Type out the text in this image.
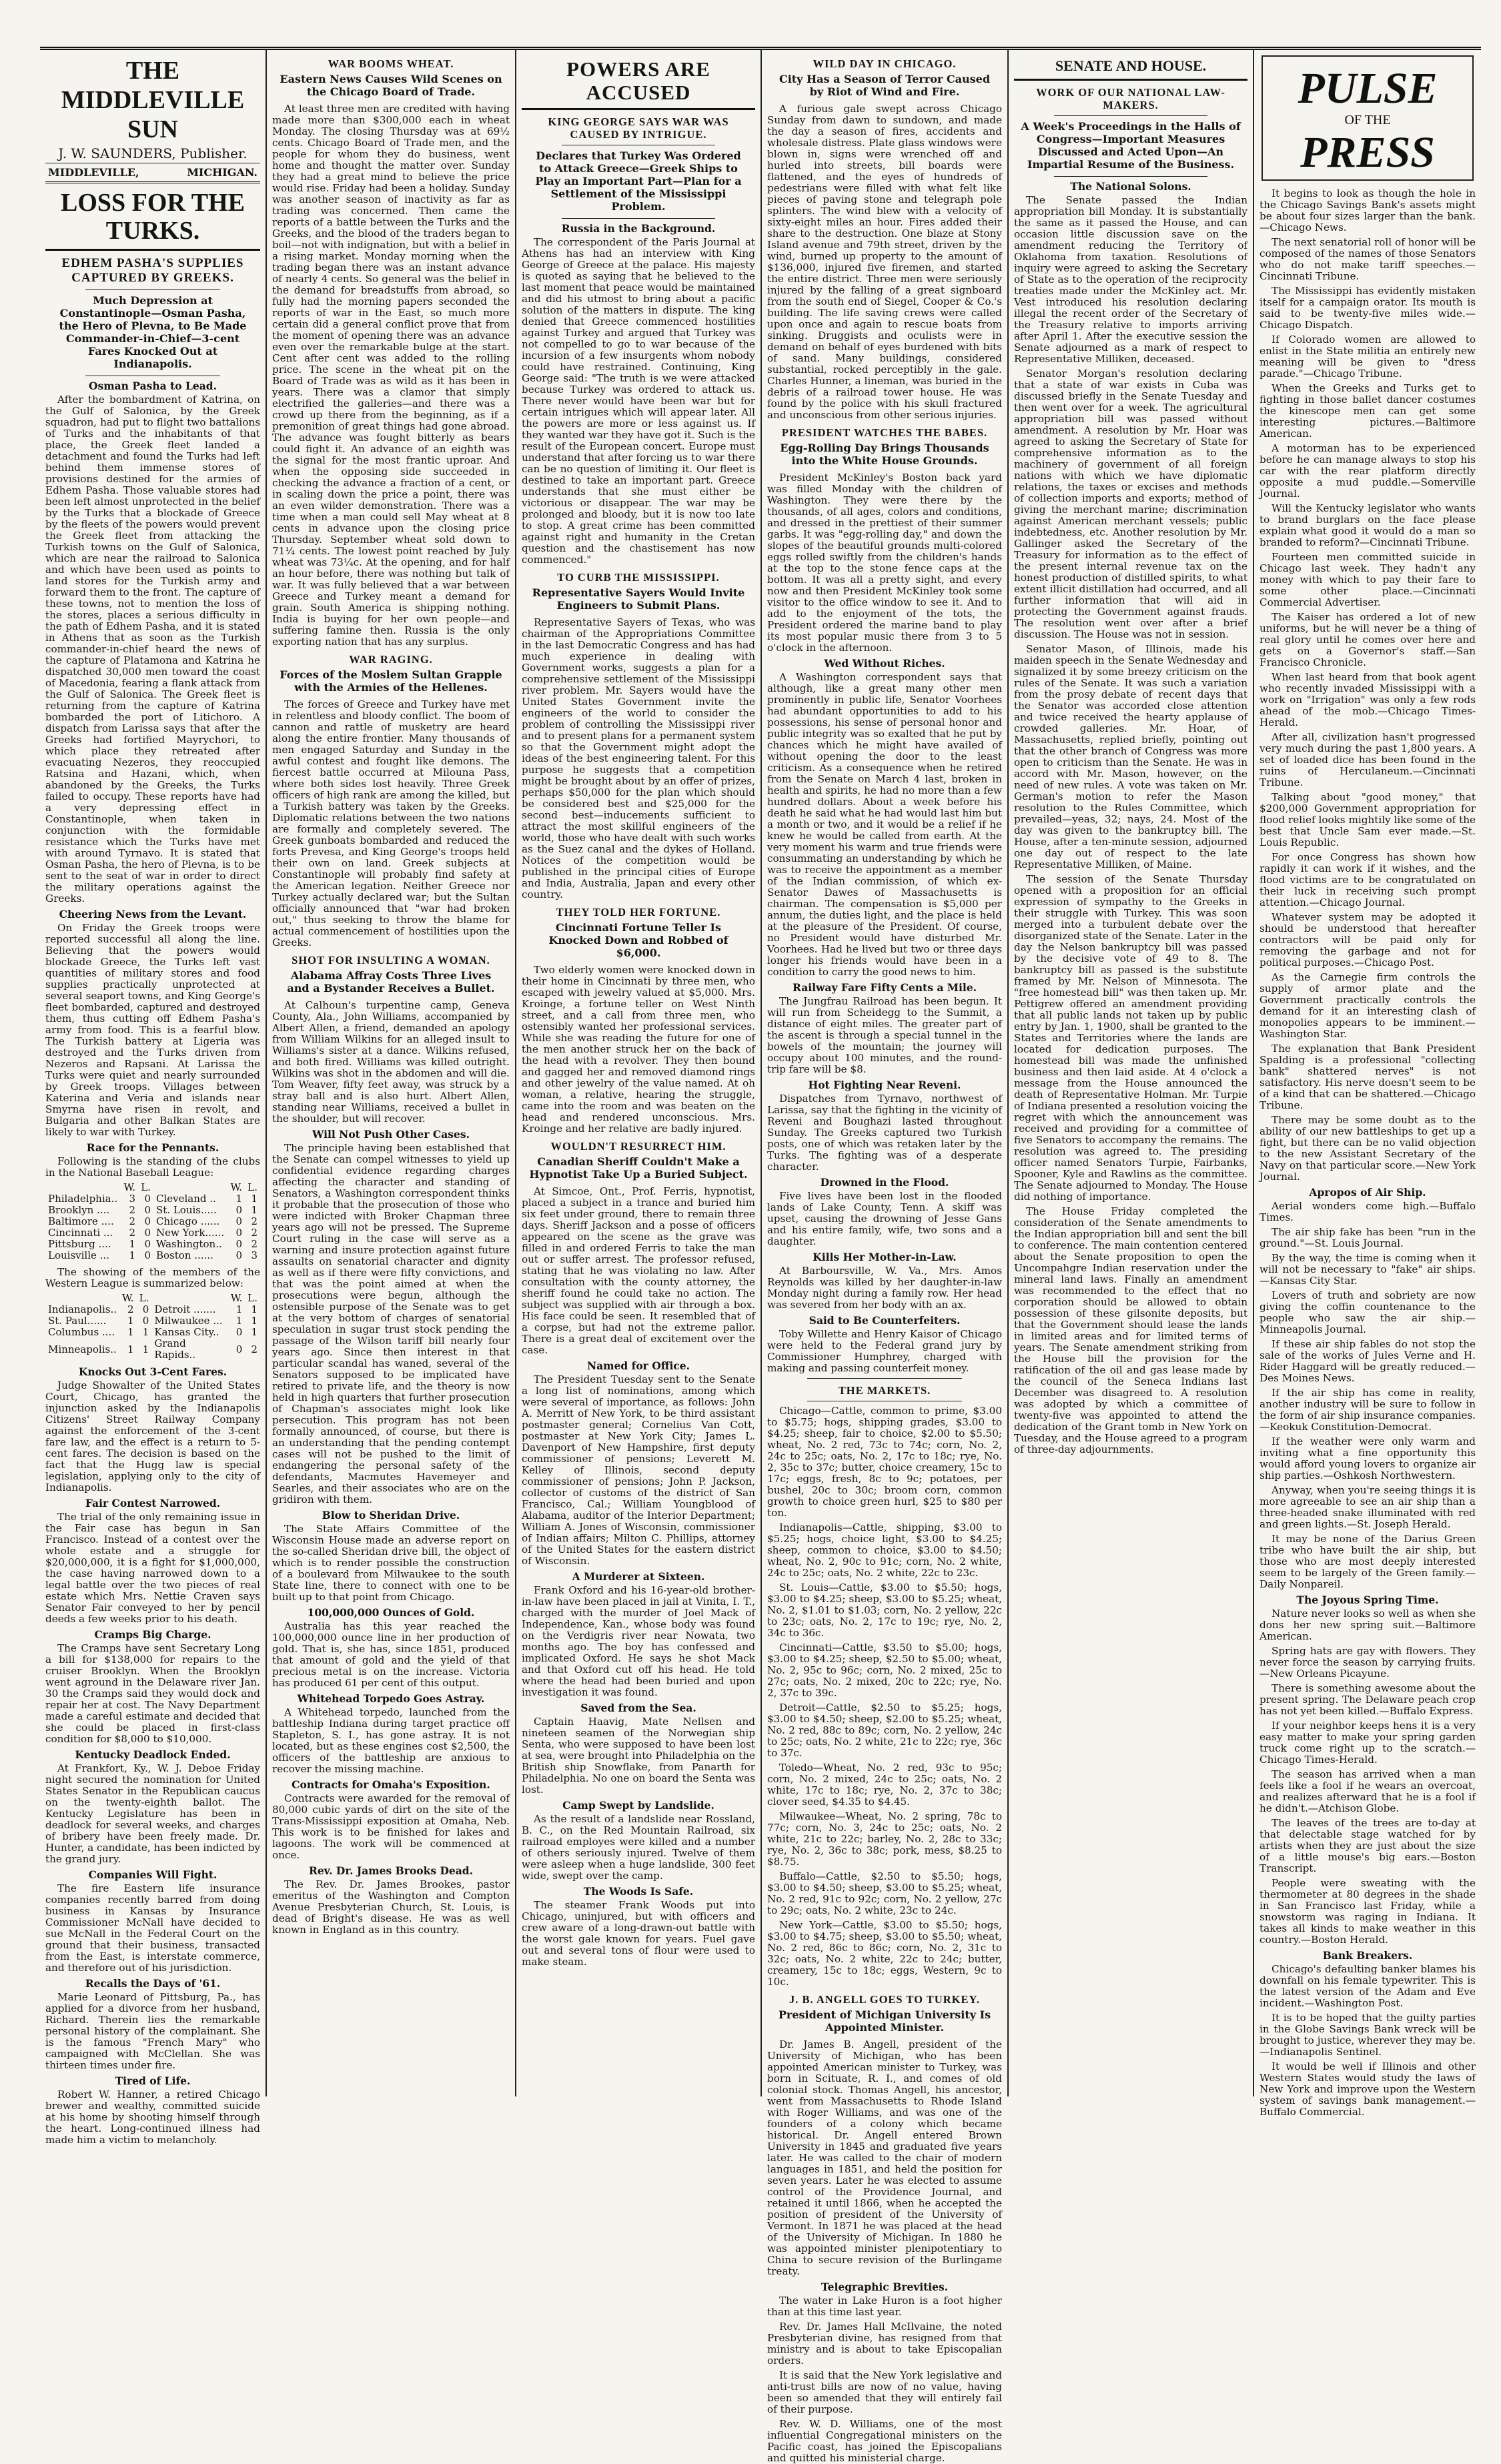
THE MIDDLEVILLE SUN
J. W. SAUNDERS, Publisher.
MIDDLEVILLE,	MICHIGAN.
LOSS FOR THE TURKS.
EDHEM PASHA'S SUPPLIES CAPTURED BY GREEKS.
Much Depression at Constantinople—Osman Pasha, the Hero of Plevna, to Be Made Commander-in-Chief—3-cent Fares Knocked Out at Indianapolis.
Osman Pasha to Lead.

After the bombardment of Katrina, on the Gulf of Salonica, by the Greek squadron, had put to flight two battalions of Turks and the inhabitants of that place, the Greek fleet landed a detachment and found the Turks had left behind them immense stores of provisions destined for the armies of Edhem Pasha. Those valuable stores had been left almost unprotected in the belief by the Turks that a blockade of Greece by the fleets of the powers would prevent the Greek fleet from attacking the Turkish towns on the Gulf of Salonica, which are near the railroad to Salonica and which have been used as points to land stores for the Turkish army and forward them to the front. The capture of these towns, not to mention the loss of the stores, places a serious difficulty in the path of Edhem Pasha, and it is stated in Athens that as soon as the Turkish commander-in-chief heard the news of the capture of Platamona and Katrina he dispatched 30,000 men toward the coast of Macedonia, fearing a flank attack from the Gulf of Salonica. The Greek fleet is returning from the capture of Katrina bombarded the port of Litichoro. A dispatch from Larissa says that after the Greeks had fortified Mayrychori, to which place they retreated after evacuating Nezeros, they reoccupied Ratsina and Hazani, which, when abandoned by the Greeks, the Turks failed to occupy. These reports have had a very depressing effect in Constantinople, when taken in conjunction with the formidable resistance which the Turks have met with around Tyrnavo. It is stated that Osman Pasha, the hero of Plevna, is to be sent to the seat of war in order to direct the military operations against the Greeks.

Cheering News from the Levant.

On Friday the Greek troops were reported successful all along the line. Believing that the powers would blockade Greece, the Turks left vast quantities of military stores and food supplies practically unprotected at several seaport towns, and King George's fleet bombarded, captured and destroyed them, thus cutting off Edhem Pasha's army from food. This is a fearful blow. The Turkish battery at Ligeria was destroyed and the Turks driven from Nezeros and Rapsani. At Larissa the Turks were quiet and nearly surrounded by Greek troops. Villages between Katerina and Veria and islands near Smyrna have risen in revolt, and Bulgaria and other Balkan States are likely to war with Turkey.

Race for the Pennants.

Following is the standing of the clubs in the National Baseball League:

	W.	L.		W.	L.
Philadelphia..	3	0	Cleveland ..	1	1
Brooklyn ....	2	0	St. Louis.....	0	1
Baltimore ....	2	0	Chicago ......	0	2
Cincinnati ...	2	0	New York......	0	2
Pittsburg ....	1	0	Washington..	0	2
Louisville ...	1	0	Boston ......	0	3

The showing of the members of the Western League is summarized below:

	W.	L.		W.	L.
Indianapolis..	2	0	Detroit .......	1	1
St. Paul......	1	0	Milwaukee ...	1	1
Columbus ....	1	1	Kansas City..	0	1
Minneapolis..	1	1	Grand Rapids..	0	2
Knocks Out 3-Cent Fares.

Judge Showalter of the United States Court, Chicago, has granted the injunction asked by the Indianapolis Citizens' Street Railway Company against the enforcement of the 3-cent fare law, and the effect is a return to 5-cent fares. The decision is based on the fact that the Hugg law is special legislation, applying only to the city of Indianapolis.

Fair Contest Narrowed.

The trial of the only remaining issue in the Fair case has begun in San Francisco. Instead of a contest over the whole estate and a struggle for $20,000,000, it is a fight for $1,000,000, the case having narrowed down to a legal battle over the two pieces of real estate which Mrs. Nettie Craven says Senator Fair conveyed to her by pencil deeds a few weeks prior to his death.

Cramps Big Charge.

The Cramps have sent Secretary Long a bill for $138,000 for repairs to the cruiser Brooklyn. When the Brooklyn went aground in the Delaware river Jan. 30 the Cramps said they would dock and repair her at cost. The Navy Department made a careful estimate and decided that she could be placed in first-class condition for $8,000 to $10,000.

Kentucky Deadlock Ended.

At Frankfort, Ky., W. J. Deboe Friday night secured the nomination for United States Senator in the Republican caucus on the twenty-eighth ballot. The Kentucky Legislature has been in deadlock for several weeks, and charges of bribery have been freely made. Dr. Hunter, a candidate, has been indicted by the grand jury.

Companies Will Fight.

The fire Eastern life insurance companies recently barred from doing business in Kansas by Insurance Commissioner McNall have decided to sue McNall in the Federal Court on the ground that their business, transacted from the East, is interstate commerce, and therefore out of his jurisdiction.

Recalls the Days of '61.

Marie Leonard of Pittsburg, Pa., has applied for a divorce from her husband, Richard. Therein lies the remarkable personal history of the complainant. She is the famous "French Mary" who campaigned with McClellan. She was thirteen times under fire.

Tired of Life.

Robert W. Hanner, a retired Chicago brewer and wealthy, committed suicide at his home by shooting himself through the heart. Long-continued illness had made him a victim to melancholy.

WAR BOOMS WHEAT.
Eastern News Causes Wild Scenes on the Chicago Board of Trade.

At least three men are credited with having made more than $300,000 each in wheat Monday. The closing Thursday was at 69½ cents. Chicago Board of Trade men, and the people for whom they do business, went home and thought the matter over. Sunday they had a great mind to believe the price would rise. Friday had been a holiday. Sunday was another season of inactivity as far as trading was concerned. Then came the reports of a battle between the Turks and the Greeks, and the blood of the traders began to boil—not with indignation, but with a belief in a rising market. Monday morning when the trading began there was an instant advance of nearly 4 cents. So general was the belief in the demand for breadstuffs from abroad, so fully had the morning papers seconded the reports of war in the East, so much more certain did a general conflict prove that from the moment of opening there was an advance even over the remarkable bulge at the start. Cent after cent was added to the rolling price. The scene in the wheat pit on the Board of Trade was as wild as it has been in years. There was a clamor that simply electrified the galleries—and there was a crowd up there from the beginning, as if a premonition of great things had gone abroad. The advance was fought bitterly as bears could fight it. An advance of an eighth was the signal for the most frantic uproar. And when the opposing side succeeded in checking the advance a fraction of a cent, or in scaling down the price a point, there was an even wilder demonstration. There was a time when a man could sell May wheat at 8 cents in advance upon the closing price Thursday. September wheat sold down to 71¼ cents. The lowest point reached by July wheat was 73¼c. At the opening, and for half an hour before, there was nothing but talk of war. It was fully believed that a war between Greece and Turkey meant a demand for grain. South America is shipping nothing. India is buying for her own people—and suffering famine then. Russia is the only exporting nation that has any surplus.

WAR RAGING.
Forces of the Moslem Sultan Grapple with the Armies of the Hellenes.

The forces of Greece and Turkey have met in relentless and bloody conflict. The boom of cannon and rattle of musketry are heard along the entire frontier. Many thousands of men engaged Saturday and Sunday in the awful contest and fought like demons. The fiercest battle occurred at Milouna Pass, where both sides lost heavily. Three Greek officers of high rank are among the killed, but a Turkish battery was taken by the Greeks. Diplomatic relations between the two nations are formally and completely severed. The Greek gunboats bombarded and reduced the forts Prevesa, and King George's troops held their own on land. Greek subjects at Constantinople will probably find safety at the American legation. Neither Greece nor Turkey actually declared war; but the Sultan officially announced that "war had broken out," thus seeking to throw the blame for actual commencement of hostilities upon the Greeks.

SHOT FOR INSULTING A WOMAN.
Alabama Affray Costs Three Lives and a Bystander Receives a Bullet.

At Calhoun's turpentine camp, Geneva County, Ala., John Williams, accompanied by Albert Allen, a friend, demanded an apology from William Wilkins for an alleged insult to Williams's sister at a dance. Wilkins refused, and both fired. Williams was killed outright. Wilkins was shot in the abdomen and will die. Tom Weaver, fifty feet away, was struck by a stray ball and is also hurt. Albert Allen, standing near Williams, received a bullet in the shoulder, but will recover.

Will Not Push Other Cases.

The principle having been established that the Senate can compel witnesses to yield up confidential evidence regarding charges affecting the character and standing of Senators, a Washington correspondent thinks it probable that the prosecution of those who were indicted with Broker Chapman three years ago will not be pressed. The Supreme Court ruling in the case will serve as a warning and insure protection against future assaults on senatorial character and dignity as well as if there were fifty convictions, and that was the point aimed at when the prosecutions were begun, although the ostensible purpose of the Senate was to get at the very bottom of charges of senatorial speculation in sugar trust stock pending the passage of the Wilson tariff bill nearly four years ago. Since then interest in that particular scandal has waned, several of the Senators supposed to be implicated have retired to private life, and the theory is now held in high quarters that further prosecution of Chapman's associates might look like persecution. This program has not been formally announced, of course, but there is an understanding that the pending contempt cases will not be pushed to the limit of endangering the personal safety of the defendants, Macmutes Havemeyer and Searles, and their associates who are on the gridiron with them.

Blow to Sheridan Drive.

The State Affairs Committee of the Wisconsin House made an adverse report on the so-called Sheridan drive bill, the object of which is to render possible the construction of a boulevard from Milwaukee to the south State line, there to connect with one to be built up to that point from Chicago.

100,000,000 Ounces of Gold.

Australia has this year reached the 100,000,000 ounce line in her production of gold. That is, she has, since 1851, produced that amount of gold and the yield of that precious metal is on the increase. Victoria has produced 61 per cent of this output.

Whitehead Torpedo Goes Astray.

A Whitehead torpedo, launched from the battleship Indiana during target practice off Stapleton, S. I., has gone astray. It is not located, but as these engines cost $2,500, the officers of the battleship are anxious to recover the missing machine.

Contracts for Omaha's Exposition.

Contracts were awarded for the removal of 80,000 cubic yards of dirt on the site of the Trans-Mississippi exposition at Omaha, Neb. This work is to be finished for lakes and lagoons. The work will be commenced at once.

Rev. Dr. James Brooks Dead.

The Rev. Dr. James Brookes, pastor emeritus of the Washington and Compton Avenue Presbyterian Church, St. Louis, is dead of Bright's disease. He was as well known in England as in this country.

POWERS ARE ACCUSED
KING GEORGE SAYS WAR WAS CAUSED BY INTRIGUE.
Declares that Turkey Was Ordered to Attack Greece—Greek Ships to Play an Important Part—Plan for a Settlement of the Mississippi Problem.
Russia in the Background.

The correspondent of the Paris Journal at Athens has had an interview with King George of Greece at the palace. His majesty is quoted as saying that he believed to the last moment that peace would be maintained and did his utmost to bring about a pacific solution of the matters in dispute. The king denied that Greece commenced hostilities against Turkey and argued that Turkey was not compelled to go to war because of the incursion of a few insurgents whom nobody could have restrained. Continuing, King George said: "The truth is we were attacked because Turkey was ordered to attack us. There never would have been war but for certain intrigues which will appear later. All the powers are more or less against us. If they wanted war they have got it. Such is the result of the European concert. Europe must understand that after forcing us to war there can be no question of limiting it. Our fleet is destined to take an important part. Greece understands that she must either be victorious or disappear. The war may be prolonged and bloody, but it is now too late to stop. A great crime has been committed against right and humanity in the Cretan question and the chastisement has now commenced."

TO CURB THE MISSISSIPPI.
Representative Sayers Would Invite Engineers to Submit Plans.

Representative Sayers of Texas, who was chairman of the Appropriations Committee in the last Democratic Congress and has had much experience in dealing with Government works, suggests a plan for a comprehensive settlement of the Mississippi river problem. Mr. Sayers would have the United States Government invite the engineers of the world to consider the problem of controlling the Mississippi river and to present plans for a permanent system so that the Government might adopt the ideas of the best engineering talent. For this purpose he suggests that a competition might be brought about by an offer of prizes, perhaps $50,000 for the plan which should be considered best and $25,000 for the second best—inducements sufficient to attract the most skillful engineers of the world, those who have dealt with such works as the Suez canal and the dykes of Holland. Notices of the competition would be published in the principal cities of Europe and India, Australia, Japan and every other country.

THEY TOLD HER FORTUNE.
Cincinnati Fortune Teller Is Knocked Down and Robbed of $6,000.

Two elderly women were knocked down in their home in Cincinnati by three men, who escaped with jewelry valued at $5,000. Mrs. Kroinge, a fortune teller on West Ninth street, and a call from three men, who ostensibly wanted her professional services. While she was reading the future for one of the men another struck her on the back of the head with a revolver. They then bound and gagged her and removed diamond rings and other jewelry of the value named. At oh woman, a relative, hearing the struggle, came into the room and was beaten on the head and rendered unconscious. Mrs. Kroinge and her relative are badly injured.

WOULDN'T RESURRECT HIM.
Canadian Sheriff Couldn't Make a Hypnotist Take Up a Buried Subject.

At Simcoe, Ont., Prof. Ferris, hypnotist, placed a subject in a trance and buried him six feet under ground, there to remain three days. Sheriff Jackson and a posse of officers appeared on the scene as the grave was filled in and ordered Ferris to take the man out or suffer arrest. The professor refused, stating that he was violating no law. After consultation with the county attorney, the sheriff found he could take no action. The subject was supplied with air through a box. His face could be seen. It resembled that of a corpse, but had not the extreme pallor. There is a great deal of excitement over the case.

Named for Office.

The President Tuesday sent to the Senate a long list of nominations, among which were several of importance, as follows: John A. Merritt of New York, to be third assistant postmaster general; Cornelius Van Cott, postmaster at New York City; James L. Davenport of New Hampshire, first deputy commissioner of pensions; Leverett M. Kelley of Illinois, second deputy commissioner of pensions; John P. Jackson, collector of customs of the district of San Francisco, Cal.; William Youngblood of Alabama, auditor of the Interior Department; William A. Jones of Wisconsin, commissioner of Indian affairs; Milton C. Phillips, attorney of the United States for the eastern district of Wisconsin.

A Murderer at Sixteen.

Frank Oxford and his 16-year-old brother-in-law have been placed in jail at Vinita, I. T., charged with the murder of Joel Mack of Independence, Kan., whose body was found on the Verdigris river near Nowata, two months ago. The boy has confessed and implicated Oxford. He says he shot Mack and that Oxford cut off his head. He told where the head had been buried and upon investigation it was found.

Saved from the Sea.

Captain Haavig, Mate Nellsen and nineteen seamen of the Norwegian ship Senta, who were supposed to have been lost at sea, were brought into Philadelphia on the British ship Snowflake, from Panarth for Philadelphia. No one on board the Senta was lost.

Camp Swept by Landslide.

As the result of a landslide near Rossland, B. C., on the Red Mountain Railroad, six railroad employes were killed and a number of others seriously injured. Twelve of them were asleep when a huge landslide, 300 feet wide, swept over the camp.

The Woods Is Safe.

The steamer Frank Woods put into Chicago, uninjured, but with officers and crew aware of a long-drawn-out battle with the worst gale known for years. Fuel gave out and several tons of flour were used to make steam.

WILD DAY IN CHICAGO.
City Has a Season of Terror Caused by Riot of Wind and Fire.

A furious gale swept across Chicago Sunday from dawn to sundown, and made the day a season of fires, accidents and wholesale distress. Plate glass windows were blown in, signs were wrenched off and hurled into streets, bill boards were flattened, and the eyes of hundreds of pedestrians were filled with what felt like pieces of paving stone and telegraph pole splinters. The wind blew with a velocity of sixty-eight miles an hour. Fires added their share to the destruction. One blaze at Stony Island avenue and 79th street, driven by the wind, burned up property to the amount of $136,000, injured five firemen, and started the entire district. Three men were seriously injured by the falling of a great signboard from the south end of Siegel, Cooper & Co.'s building. The life saving crews were called upon once and again to rescue boats from sinking. Druggists and oculists were in demand on behalf of eyes burdened with bits of sand. Many buildings, considered substantial, rocked perceptibly in the gale. Charles Hunner, a lineman, was buried in the debris of a railroad tower house. He was found by the police with his skull fractured and unconscious from other serious injuries.

PRESIDENT WATCHES THE BABES.
Egg-Rolling Day Brings Thousands into the White House Grounds.

President McKinley's Boston back yard was filled Monday with the children of Washington. They were there by the thousands, of all ages, colors and conditions, and dressed in the prettiest of their summer garbs. It was "egg-rolling day," and down the slopes of the beautiful grounds multi-colored eggs rolled swiftly from the children's hands at the top to the stone fence caps at the bottom. It was all a pretty sight, and every now and then President McKinley took some visitor to the office window to see it. And to add to the enjoyment of the tots, the President ordered the marine band to play its most popular music there from 3 to 5 o'clock in the afternoon.

Wed Without Riches.

A Washington correspondent says that although, like a great many other men prominently in public life, Senator Voorhees had abundant opportunities to add to his possessions, his sense of personal honor and public integrity was so exalted that he put by chances which he might have availed of without opening the door to the least criticism. As a consequence when he retired from the Senate on March 4 last, broken in health and spirits, he had no more than a few hundred dollars. About a week before his death he said what he had would last him but a month or two, and it would be a relief if he knew he would be called from earth. At the very moment his warm and true friends were consummating an understanding by which he was to receive the appointment as a member of the Indian commission, of which ex-Senator Dawes of Massachusetts is chairman. The compensation is $5,000 per annum, the duties light, and the place is held at the pleasure of the President. Of course, no President would have disturbed Mr. Voorhees. Had he lived but two or three days longer his friends would have been in a condition to carry the good news to him.

Railway Fare Fifty Cents a Mile.

The Jungfrau Railroad has been begun. It will run from Scheidegg to the Summit, a distance of eight miles. The greater part of the ascent is through a special tunnel in the bowels of the mountain; the journey will occupy about 100 minutes, and the round-trip fare will be $8.

Hot Fighting Near Reveni.

Dispatches from Tyrnavo, northwest of Larissa, say that the fighting in the vicinity of Reveni and Boughazi lasted throughout Sunday. The Greeks captured two Turkish posts, one of which was retaken later by the Turks. The fighting was of a desperate character.

Drowned in the Flood.

Five lives have been lost in the flooded lands of Lake County, Tenn. A skiff was upset, causing the drowning of Jesse Gans and his entire family, wife, two sons and a daughter.

Kills Her Mother-in-Law.

At Barboursville, W. Va., Mrs. Amos Reynolds was killed by her daughter-in-law Monday night during a family row. Her head was severed from her body with an ax.

Said to Be Counterfeiters.

Toby Willette and Henry Kaisor of Chicago were held to the Federal grand jury by Commissioner Humphrey, charged with making and passing counterfeit money.

THE MARKETS.

Chicago—Cattle, common to prime, $3.00 to $5.75; hogs, shipping grades, $3.00 to $4.25; sheep, fair to choice, $2.00 to $5.50; wheat, No. 2 red, 73c to 74c; corn, No. 2, 24c to 25c; oats, No. 2, 17c to 18c; rye, No. 2, 35c to 37c; butter, choice creamery, 15c to 17c; eggs, fresh, 8c to 9c; potatoes, per bushel, 20c to 30c; broom corn, common growth to choice green hurl, $25 to $80 per ton.

Indianapolis—Cattle, shipping, $3.00 to $5.25; hogs, choice light, $3.00 to $4.25; sheep, common to choice, $3.00 to $4.50; wheat, No. 2, 90c to 91c; corn, No. 2 white, 24c to 25c; oats, No. 2 white, 22c to 23c.

St. Louis—Cattle, $3.00 to $5.50; hogs, $3.00 to $4.25; sheep, $3.00 to $5.25; wheat, No. 2, $1.01 to $1.03; corn, No. 2 yellow, 22c to 23c; oats, No. 2, 17c to 19c; rye, No. 2, 34c to 36c.

Cincinnati—Cattle, $3.50 to $5.00; hogs, $3.00 to $4.25; sheep, $2.50 to $5.00; wheat, No. 2, 95c to 96c; corn, No. 2 mixed, 25c to 27c; oats, No. 2 mixed, 20c to 22c; rye, No. 2, 37c to 39c.

Detroit—Cattle, $2.50 to $5.25; hogs, $3.00 to $4.50; sheep, $2.00 to $5.25; wheat, No. 2 red, 88c to 89c; corn, No. 2 yellow, 24c to 25c; oats, No. 2 white, 21c to 22c; rye, 36c to 37c.

Toledo—Wheat, No. 2 red, 93c to 95c; corn, No. 2 mixed, 24c to 25c; oats, No. 2 white, 17c to 18c; rye, No. 2, 37c to 38c; clover seed, $4.35 to $4.45.

Milwaukee—Wheat, No. 2 spring, 78c to 77c; corn, No. 3, 24c to 25c; oats, No. 2 white, 21c to 22c; barley, No. 2, 28c to 33c; rye, No. 2, 36c to 38c; pork, mess, $8.25 to $8.75.

Buffalo—Cattle, $2.50 to $5.50; hogs, $3.00 to $4.50; sheep, $3.00 to $5.25; wheat, No. 2 red, 91c to 92c; corn, No. 2 yellow, 27c to 29c; oats, No. 2 white, 23c to 24c.

New York—Cattle, $3.00 to $5.50; hogs, $3.00 to $4.75; sheep, $3.00 to $5.50; wheat, No. 2 red, 86c to 86c; corn, No. 2, 31c to 32c; oats, No. 2 white, 22c to 24c; butter, creamery, 15c to 18c; eggs, Western, 9c to 10c.

J. B. ANGELL GOES TO TURKEY.
President of Michigan University Is Appointed Minister.

Dr. James B. Angell, president of the University of Michigan, who has been appointed American minister to Turkey, was born in Scituate, R. I., and comes of old colonial stock. Thomas Angell, his ancestor, went from Massachusetts to Rhode Island with Roger Williams, and was one of the founders of a colony which became historical. Dr. Angell entered Brown University in 1845 and graduated five years later. He was called to the chair of modern languages in 1851, and held the position for seven years. Later he was elected to assume control of the Providence Journal, and retained it until 1866, when he accepted the position of president of the University of Vermont. In 1871 he was placed at the head of the University of Michigan. In 1880 he was appointed minister plenipotentiary to China to secure revision of the Burlingame treaty.

Telegraphic Brevities.

The water in Lake Huron is a foot higher than at this time last year.

Rev. Dr. James Hall McIlvaine, the noted Presbyterian divine, has resigned from that ministry and is about to take Episcopalian orders.

It is said that the New York legislative and anti-trust bills are now of no value, having been so amended that they will entirely fail of their purpose.

Rev. W. D. Williams, one of the most influential Congregational ministers on the Pacific coast, has joined the Episcopalians and quitted his ministerial charge.

SENATE AND HOUSE.
WORK OF OUR NATIONAL LAW-MAKERS.
A Week's Proceedings in the Halls of Congress—Important Measures Discussed and Acted Upon—An Impartial Resume of the Business.
The National Solons.

The Senate passed the Indian appropriation bill Monday. It is substantially the same as it passed the House, and can occasion little discussion save on the amendment reducing the Territory of Oklahoma from taxation. Resolutions of inquiry were agreed to asking the Secretary of State as to the operation of the reciprocity treaties made under the McKinley act. Mr. Vest introduced his resolution declaring illegal the recent order of the Secretary of the Treasury relative to imports arriving after April 1. After the executive session the Senate adjourned as a mark of respect to Representative Milliken, deceased.

Senator Morgan's resolution declaring that a state of war exists in Cuba was discussed briefly in the Senate Tuesday and then went over for a week. The agricultural appropriation bill was passed without amendment. A resolution by Mr. Hoar was agreed to asking the Secretary of State for comprehensive information as to the machinery of government of all foreign nations with which we have diplomatic relations, the taxes or excises and methods of collection imports and exports; method of giving the merchant marine; discrimination against American merchant vessels; public indebtedness, etc. Another resolution by Mr. Gallinger asked the Secretary of the Treasury for information as to the effect of the present internal revenue tax on the honest production of distilled spirits, to what extent illicit distillation had occurred, and all further information that will aid in protecting the Government against frauds. The resolution went over after a brief discussion. The House was not in session.

Senator Mason, of Illinois, made his maiden speech in the Senate Wednesday and signalized it by some breezy criticism on the rules of the Senate. It was such a variation from the prosy debate of recent days that the Senator was accorded close attention and twice received the hearty applause of crowded galleries. Mr. Hoar, of Massachusetts, replied briefly, pointing out that the other branch of Congress was more open to criticism than the Senate. He was in accord with Mr. Mason, however, on the need of new rules. A vote was taken on Mr. German's motion to refer the Mason resolution to the Rules Committee, which prevailed—yeas, 32; nays, 24. Most of the day was given to the bankruptcy bill. The House, after a ten-minute session, adjourned one day out of respect to the late Representative Milliken, of Maine.

The session of the Senate Thursday opened with a proposition for an official expression of sympathy to the Greeks in their struggle with Turkey. This was soon merged into a turbulent debate over the disorganized state of the Senate. Later in the day the Nelson bankruptcy bill was passed by the decisive vote of 49 to 8. The bankruptcy bill as passed is the substitute framed by Mr. Nelson of Minnesota. The "free homestead bill" was then taken up. Mr. Pettigrew offered an amendment providing that all public lands not taken up by public entry by Jan. 1, 1900, shall be granted to the States and Territories where the lands are located for dedication purposes. The homestead bill was made the unfinished business and then laid aside. At 4 o'clock a message from the House announced the death of Representative Holman. Mr. Turpie of Indiana presented a resolution voicing the regret with which the announcement was received and providing for a committee of five Senators to accompany the remains. The resolution was agreed to. The presiding officer named Senators Turpie, Fairbanks, Spooner, Kyle and Rawlins as the committee. The Senate adjourned to Monday. The House did nothing of importance.

The House Friday completed the consideration of the Senate amendments to the Indian appropriation bill and sent the bill to conference. The main contention centered about the Senate proposition to open the Uncompahgre Indian reservation under the mineral land laws. Finally an amendment was recommended to the effect that no corporation should be allowed to obtain possession of these gilsonite deposits, but that the Government should lease the lands in limited areas and for limited terms of years. The Senate amendment striking from the House bill the provision for the ratification of the oil and gas lease made by the council of the Seneca Indians last December was disagreed to. A resolution was adopted by which a committee of twenty-five was appointed to attend the dedication of the Grant tomb in New York on Tuesday, and the House agreed to a program of three-day adjournments.

PULSE
OF THE
PRESS

It begins to look as though the hole in the Chicago Savings Bank's assets might be about four sizes larger than the bank.—Chicago News.

The next senatorial roll of honor will be composed of the names of those Senators who do not make tariff speeches.—Cincinnati Tribune.

The Mississippi has evidently mistaken itself for a campaign orator. Its mouth is said to be twenty-five miles wide.—Chicago Dispatch.

If Colorado women are allowed to enlist in the State militia an entirely new meaning will be given to "dress parade."—Chicago Tribune.

When the Greeks and Turks get to fighting in those ballet dancer costumes the kinescope men can get some interesting pictures.—Baltimore American.

A motorman has to be experienced before he can manage always to stop his car with the rear platform directly opposite a mud puddle.—Somerville Journal.

Will the Kentucky legislator who wants to brand burglars on the face please explain what good it would do a man so branded to reform?—Cincinnati Tribune.

Fourteen men committed suicide in Chicago last week. They hadn't any money with which to pay their fare to some other place.—Cincinnati Commercial Advertiser.

The Kaiser has ordered a lot of new uniforms, but he will never be a thing of real glory until he comes over here and gets on a Governor's staff.—San Francisco Chronicle.

When last heard from that book agent who recently invaded Mississippi with a work on "Irrigation" was only a few rods ahead of the mob.—Chicago Times-Herald.

After all, civilization hasn't progressed very much during the past 1,800 years. A set of loaded dice has been found in the ruins of Herculaneum.—Cincinnati Tribune.

Talking about "good money," that $200,000 Government appropriation for flood relief looks mightily like some of the best that Uncle Sam ever made.—St. Louis Republic.

For once Congress has shown how rapidly it can work if it wishes, and the flood victims are to be congratulated on their luck in receiving such prompt attention.—Chicago Journal.

Whatever system may be adopted it should be understood that hereafter contractors will be paid only for removing the garbage and not for political purposes.—Chicago Post.

As the Carnegie firm controls the supply of armor plate and the Government practically controls the demand for it an interesting clash of monopolies appears to be imminent.—Washington Star.

The explanation that Bank President Spalding is a professional "collecting bank" shattered nerves" is not satisfactory. His nerve doesn't seem to be of a kind that can be shattered.—Chicago Tribune.

There may be some doubt as to the ability of our new battleships to get up a fight, but there can be no valid objection to the new Assistant Secretary of the Navy on that particular score.—New York Journal.

Apropos of Air Ship.

Aerial wonders come high.—Buffalo Times.

The air ship fake has been "run in the ground."—St. Louis Journal.

By the way, the time is coming when it will not be necessary to "fake" air ships.—Kansas City Star.

Lovers of truth and sobriety are now giving the coffin countenance to the people who saw the air ship.—Minneapolis Journal.

If these air ship fables do not stop the sale of the works of Jules Verne and H. Rider Haggard will be greatly reduced.—Des Moines News.

If the air ship has come in reality, another industry will be sure to follow in the form of air ship insurance companies.—Keokuk Constitution-Democrat.

If the weather were only warm and inviting what a fine opportunity this would afford young lovers to organize air ship parties.—Oshkosh Northwestern.

Anyway, when you're seeing things it is more agreeable to see an air ship than a three-headed snake illuminated with red and green lights.—St. Joseph Herald.

It may be none of the Darius Green tribe who have built the air ship, but those who are most deeply interested seem to be largely of the Green family.—Daily Nonpareil.

The Joyous Spring Time.

Nature never looks so well as when she dons her new spring suit.—Baltimore American.

Spring hats are gay with flowers. They never force the season by carrying fruits.—New Orleans Picayune.

There is something awesome about the present spring. The Delaware peach crop has not yet been killed.—Buffalo Express.

If your neighbor keeps hens it is a very easy matter to make your spring garden truck come right up to the scratch.—Chicago Times-Herald.

The season has arrived when a man feels like a fool if he wears an overcoat, and realizes afterward that he is a fool if he didn't.—Atchison Globe.

The leaves of the trees are to-day at that delectable stage watched for by artists when they are just about the size of a little mouse's big ears.—Boston Transcript.

People were sweating with the thermometer at 80 degrees in the shade in San Francisco last Friday, while a snowstorm was raging in Indiana. It takes all kinds to make weather in this country.—Boston Herald.

Bank Breakers.

Chicago's defaulting banker blames his downfall on his female typewriter. This is the latest version of the Adam and Eve incident.—Washington Post.

It is to be hoped that the guilty parties in the Globe Savings Bank wreck will be brought to justice, wherever they may be.—Indianapolis Sentinel.

It would be well if Illinois and other Western States would study the laws of New York and improve upon the Western system of savings bank management.—Buffalo Commercial.
